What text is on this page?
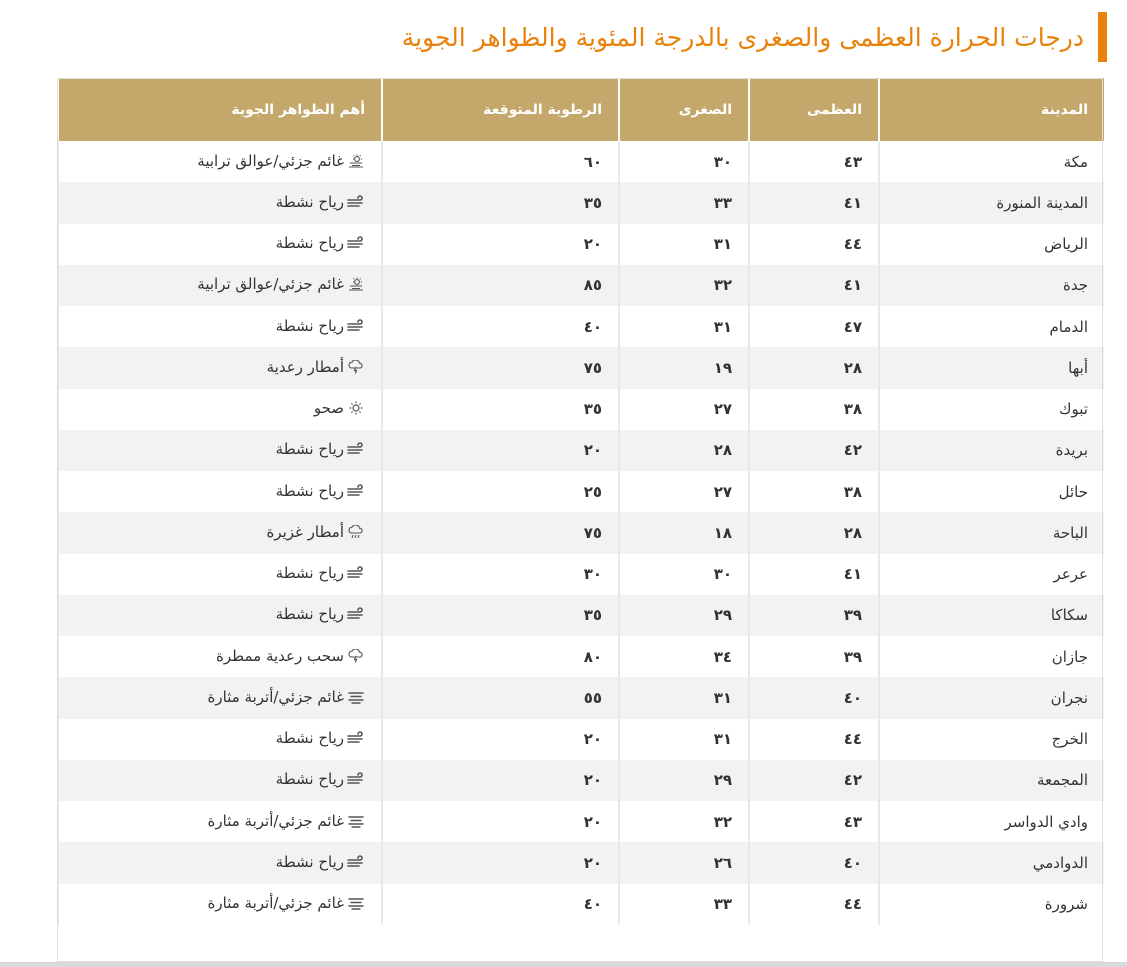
درجات الحرارة العظمى والصغرى بالدرجة المئوية والظواهر الجوية
المدينة	العظمى	الصغرى	الرطوبة المتوقعة	أهم الظواهر الجوية
مكة	٤٣	٣٠	٦٠	غائم جزئي/عوالق ترابية

المدينة المنورة	٤١	٣٣	٣٥	رياح نشطة

الرياض	٤٤	٣١	٢٠	رياح نشطة

جدة	٤١	٣٢	٨٥	غائم جزئي/عوالق ترابية

الدمام	٤٧	٣١	٤٠	رياح نشطة

أبها	٢٨	١٩	٧٥	أمطار رعدية

تبوك	٣٨	٢٧	٣٥	صحو

بريدة	٤٢	٢٨	٢٠	رياح نشطة

حائل	٣٨	٢٧	٢٥	رياح نشطة

الباحة	٢٨	١٨	٧٥	أمطار غزيرة

عرعر	٤١	٣٠	٣٠	رياح نشطة

سكاكا	٣٩	٢٩	٣٥	رياح نشطة

جازان	٣٩	٣٤	٨٠	سحب رعدية ممطرة

نجران	٤٠	٣١	٥٥	غائم جزئي/أتربة مثارة

الخرج	٤٤	٣١	٢٠	رياح نشطة

المجمعة	٤٢	٢٩	٢٠	رياح نشطة

وادي الدواسر	٤٣	٣٢	٢٠	غائم جزئي/أتربة مثارة

الدوادمي	٤٠	٢٦	٢٠	رياح نشطة

شرورة	٤٤	٣٣	٤٠	غائم جزئي/أتربة مثارة
